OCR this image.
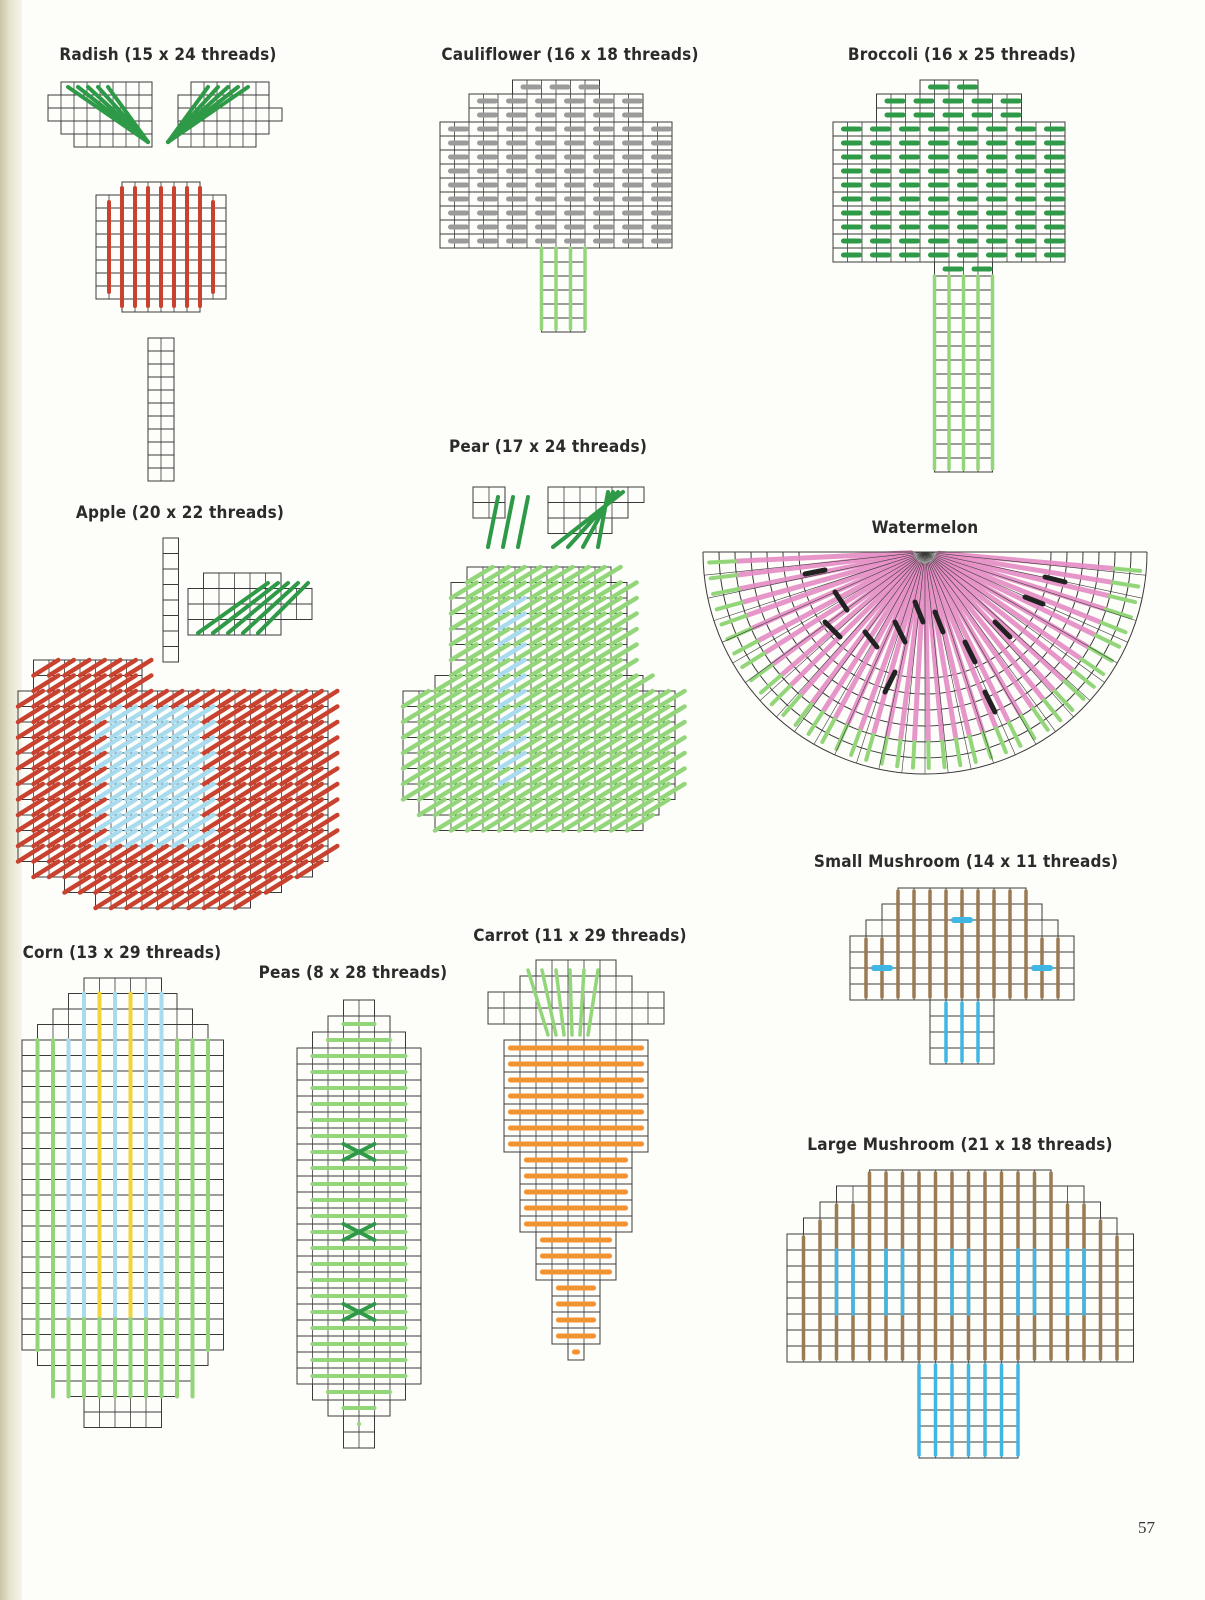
Radish (15 x 24 threads)	Cauliflower (16 x 18 threads)	Broccoli (16 x 25 threads)
Pear (17 x 24 threads)
Apple (20 x 22 threads)
Watermelon
Small Mushroom (14 x 11 threads)
Corn (13 x 29 threads)
Peas (8 x 28 threads)
Carrot (11 x 29 threads)
Large Mushroom (21 x 18 threads)
57
